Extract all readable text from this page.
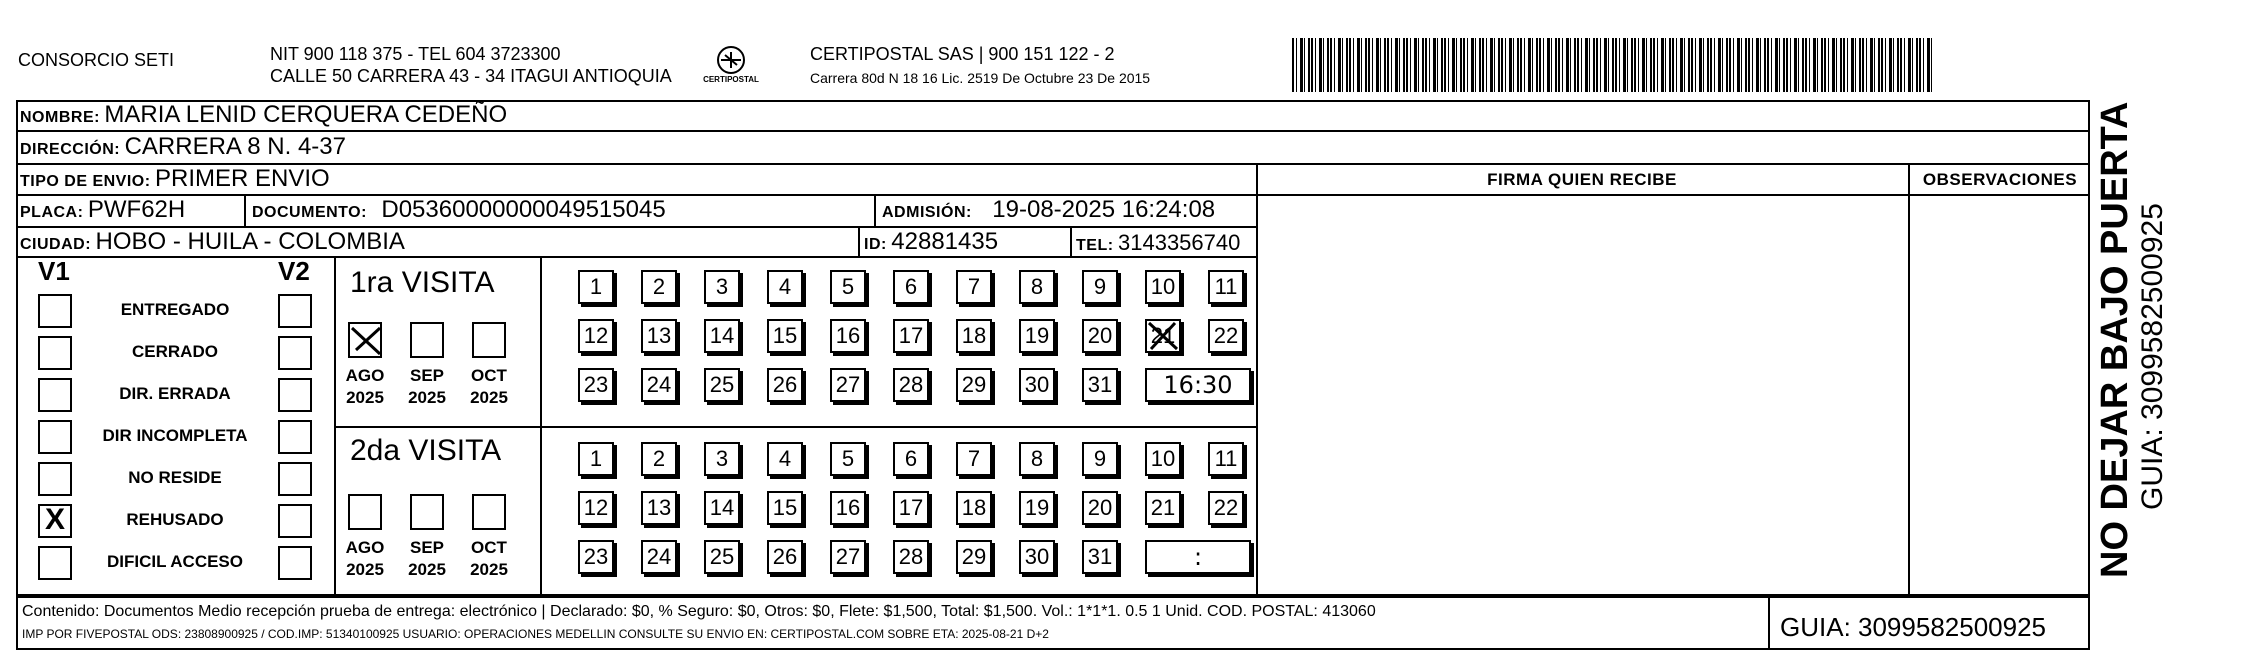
CONSORCIO SETI	NIT 900 118 375 - TEL 604 3723300
CALLE 50 CARRERA 43 - 34 ITAGUI ANTIOQUIA	CERTIPOSTAL
CERTIPOSTAL SAS | 900 151 122 - 2
Carrera 80d N 18 16 Lic. 2519 De Octubre 23 De 2015
NOMBRE: MARIA LENID CERQUERA CEDEÑO
DIRECCIÓN: CARRERA 8 N. 4-37
TIPO DE ENVIO: PRIMER ENVIO
PLACA: PWF62H	DOCUMENTO: D05360000000049515045	ADMISIÓN: 19-08-2025 16:24:08
CIUDAD: HOBO - HUILA - COLOMBIA	ID: 42881435	TEL: 3143356740
FIRMA QUIEN RECIBE	OBSERVACIONES
V1	V2
ENTREGADO
CERRADO
DIR. ERRADA
DIR INCOMPLETA
NO RESIDE
X	REHUSADO
DIFICIL ACCESO
1ra VISITA
2da VISITA
AGO
2025
SEP
2025
OCT
2025
AGO
2025
SEP
2025
OCT
2025
1	2	3	4	5	6	7	8	9	10 11
12 13 14 15 16 17 18 19 20 21 22
23 24 25 26 27 28 29 30 31	16:30
1	2	3	4	5	6	7	8	9	10 11
12 13 14 15 16 17 18 19 20 21 22
23 24 25 26 27 28 29 30 31	:
Contenido: Documentos Medio recepción prueba de entrega: electrónico | Declarado: $0, % Seguro: $0, Otros: $0, Flete: $1,500, Total: $1,500. Vol.: 1*1*1. 0.5 1 Unid. COD. POSTAL: 413060
IMP POR FIVEPOSTAL ODS: 23808900925 / COD.IMP: 51340100925 USUARIO: OPERACIONES MEDELLIN CONSULTE SU ENVIO EN: CERTIPOSTAL.COM SOBRE ETA: 2025-08-21 D+2	GUIA: 3099582500925
NO DEJAR BAJO PUERTA GUIA: 3099582500925
